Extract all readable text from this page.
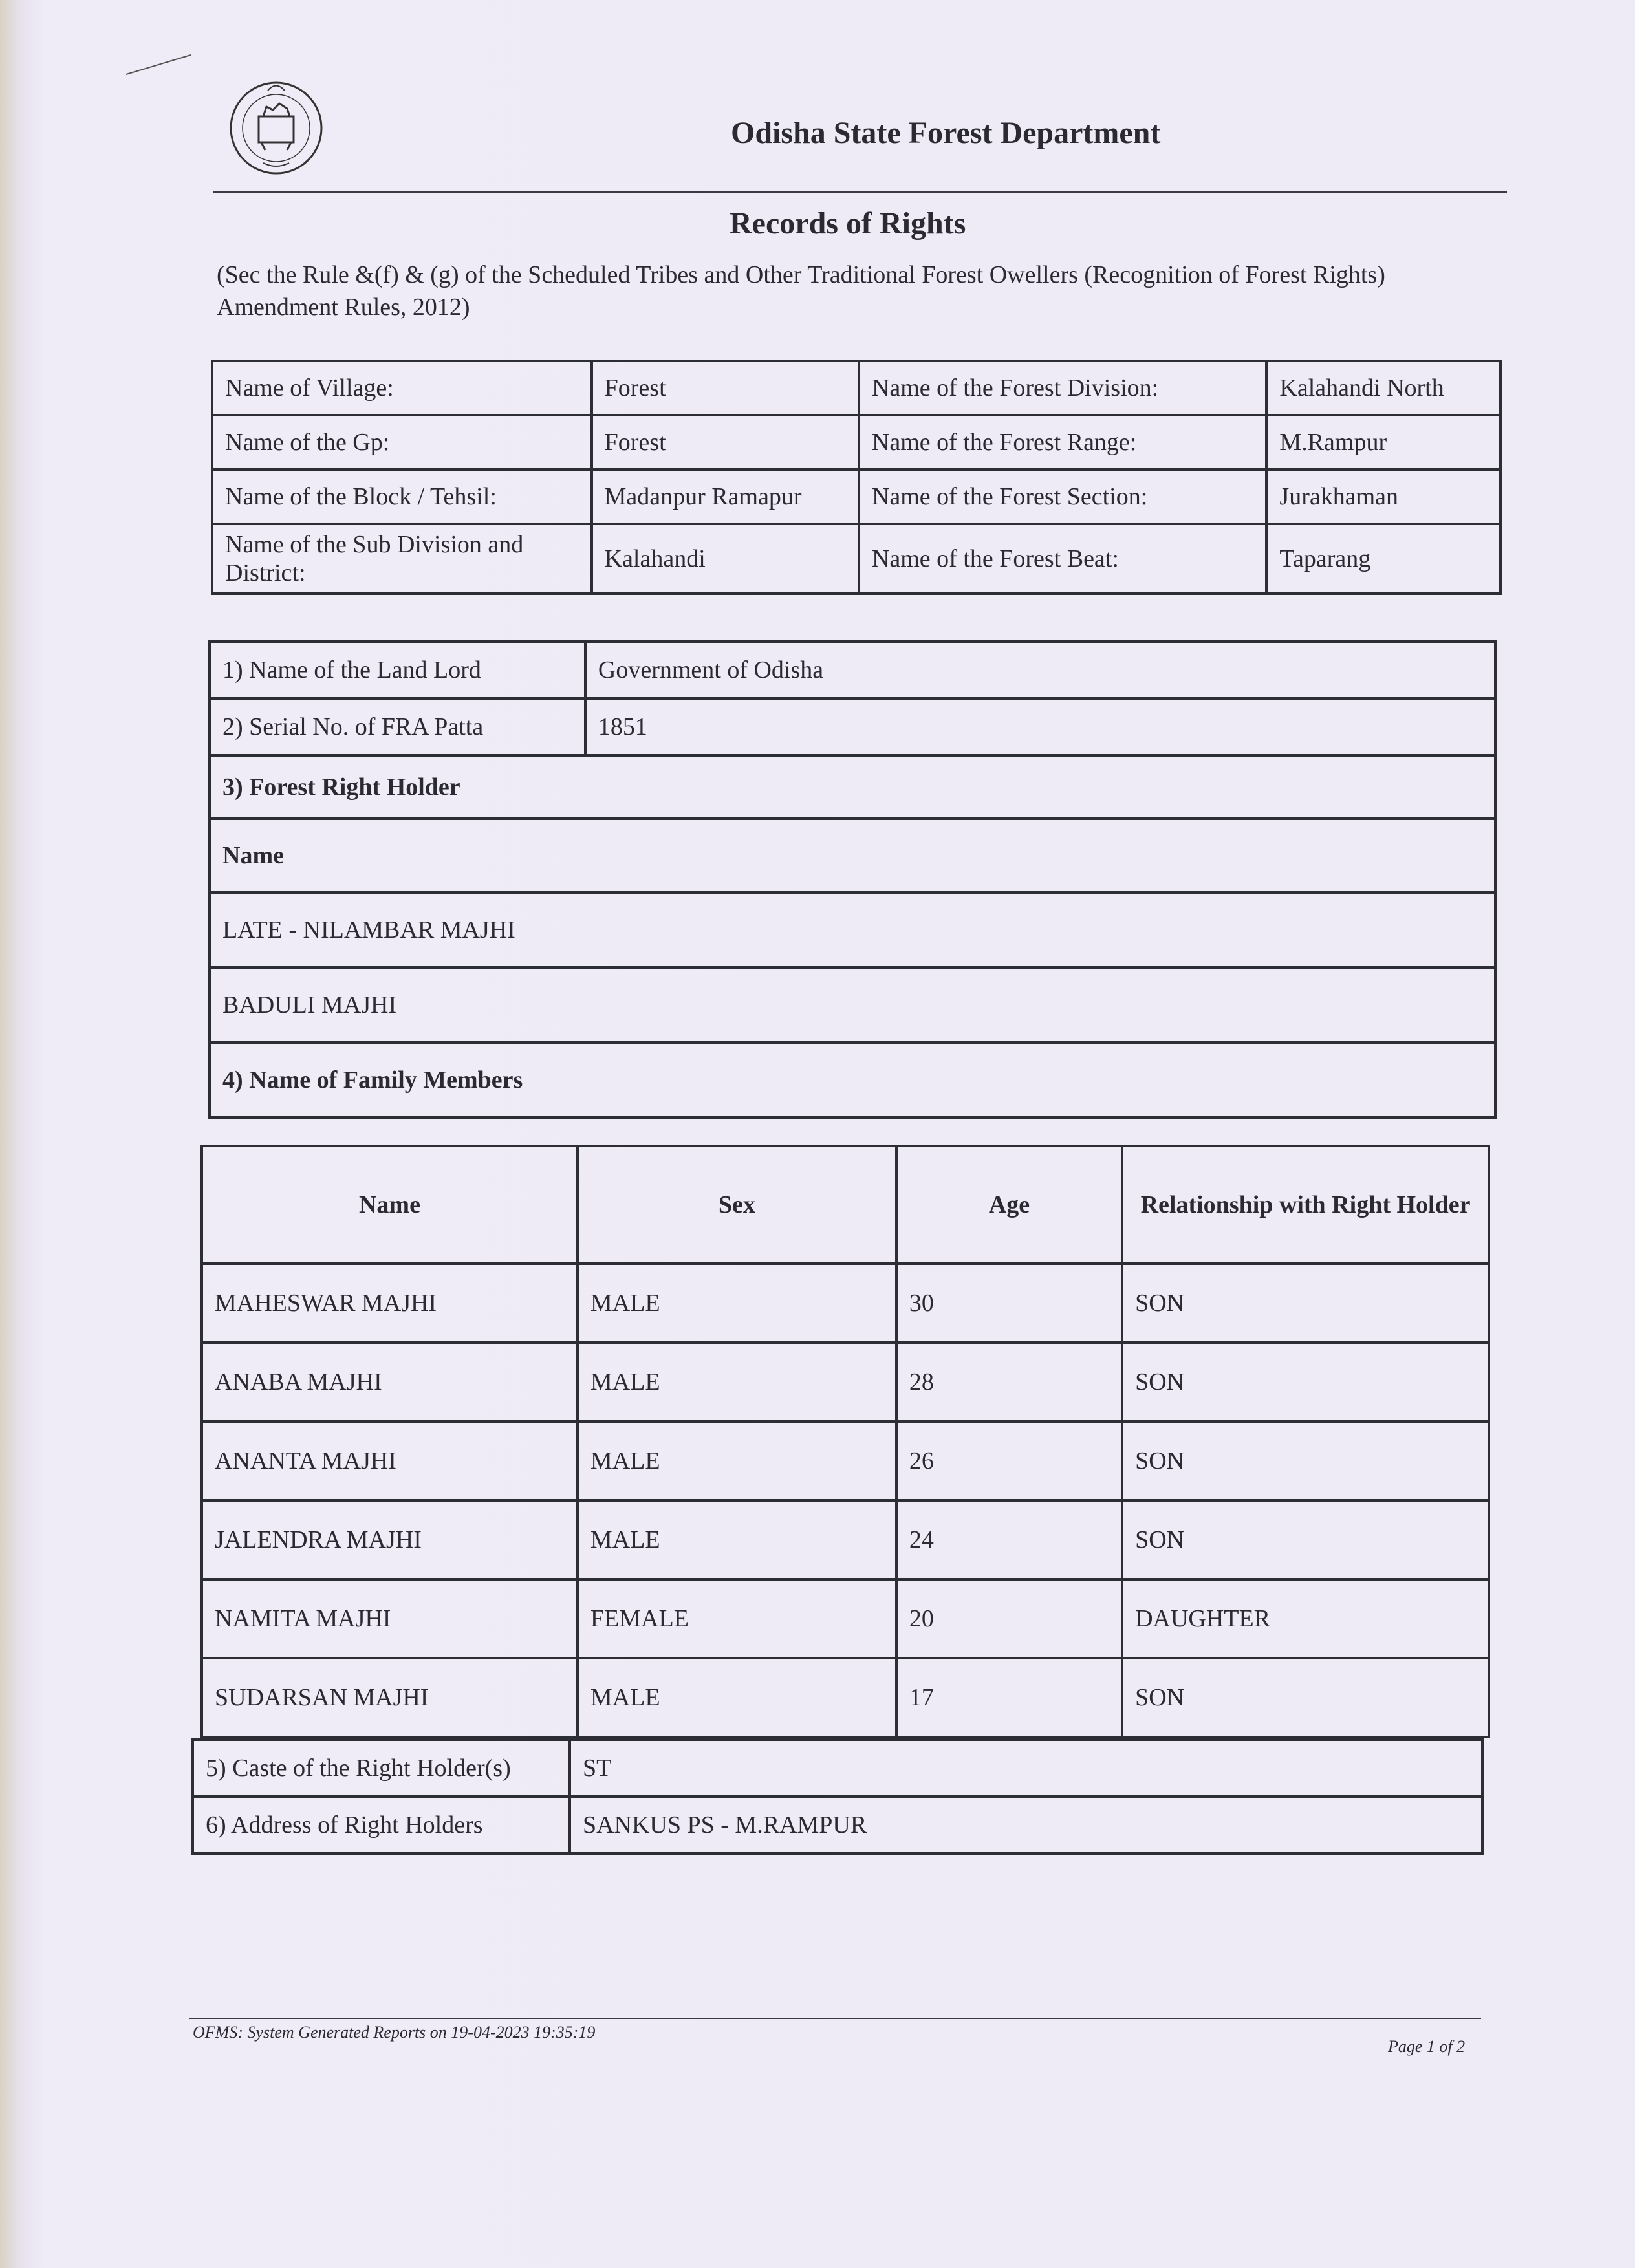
Odisha State Forest Department
Records of Rights
(Sec the Rule &(f) & (g) of the Scheduled Tribes and Other Traditional Forest Owellers (Recognition of Forest Rights) Amendment Rules, 2012)
Name of Village:	Forest	Name of the Forest Division:	Kalahandi North
Name of the Gp:	Forest	Name of the Forest Range:	M.Rampur
Name of the Block / Tehsil:	Madanpur Ramapur	Name of the Forest Section:	Jurakhaman
Name of the Sub Division and District:	Kalahandi	Name of the Forest Beat:	Taparang
1) Name of the Land Lord	Government of Odisha
2) Serial No. of FRA Patta	1851
3) Forest Right Holder	
Name	
LATE - NILAMBAR MAJHI	
BADULI MAJHI	
4) Name of Family Members	
Name	Sex	Age	Relationship with Right Holder
MAHESWAR MAJHI	MALE	30	SON
ANABA MAJHI	MALE	28	SON
ANANTA MAJHI	MALE	26	SON
JALENDRA MAJHI	MALE	24	SON
NAMITA MAJHI	FEMALE	20	DAUGHTER
SUDARSAN MAJHI	MALE	17	SON
5) Caste of the Right Holder(s)	ST
6) Address of Right Holders	SANKUS PS - M.RAMPUR
OFMS: System Generated Reports on 19-04-2023 19:35:19
Page 1 of 2
